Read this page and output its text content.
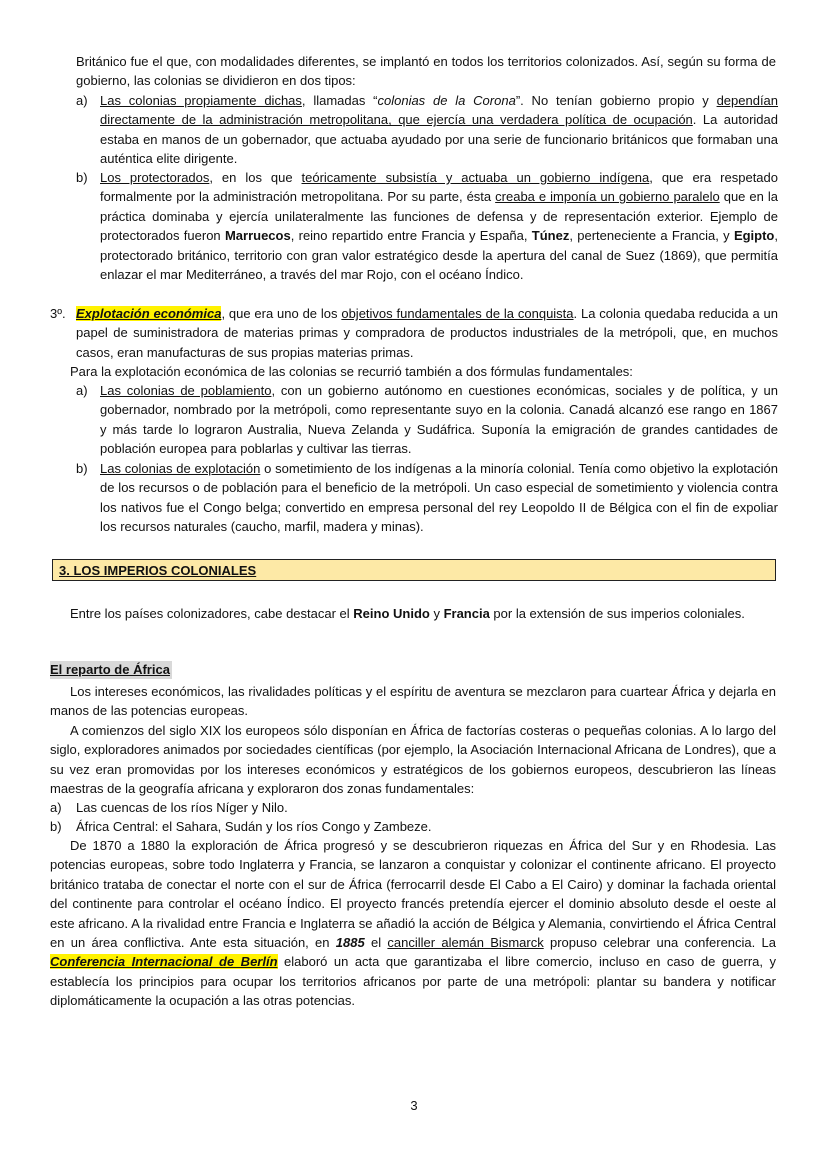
Británico fue el que, con modalidades diferentes, se implantó en todos los territorios colonizados. Así, según su forma de gobierno, las colonias se dividieron en dos tipos:

a) Las colonias propiamente dichas, llamadas “colonias de la Corona”. No tenían gobierno propio y dependían directamente de la administración metropolitana, que ejercía una verdadera política de ocupación. La autoridad estaba en manos de un gobernador, que actuaba ayudado por una serie de funcionario británicos que formaban una auténtica elite dirigente.

b) Los protectorados, en los que teóricamente subsistía y actuaba un gobierno indígena, que era respetado formalmente por la administración metropolitana. Por su parte, ésta creaba e imponía un gobierno paralelo que en la práctica dominaba y ejercía unilateralmente las funciones de defensa y de representación exterior. Ejemplo de protectorados fueron Marruecos, reino repartido entre Francia y España, Túnez, perteneciente a Francia, y Egipto, protectorado británico, territorio con gran valor estratégico desde la apertura del canal de Suez (1869), que permitía enlazar el mar Mediterráneo, a través del mar Rojo, con el océano Índico.

3º. Explotación económica, que era uno de los objetivos fundamentales de la conquista. La colonia quedaba reducida a un papel de suministradora de materias primas y compradora de productos industriales de la metrópoli, que, en muchos casos, eran manufacturas de sus propias materias primas.

Para la explotación económica de las colonias se recurrió también a dos fórmulas fundamentales:

a) Las colonias de poblamiento, con un gobierno autónomo en cuestiones económicas, sociales y de política, y un gobernador, nombrado por la metrópoli, como representante suyo en la colonia. Canadá alcanzó ese rango en 1867 y más tarde lo lograron Australia, Nueva Zelanda y Sudáfrica. Suponía la emigración de grandes cantidades de población europea para poblarlas y cultivar las tierras.

b) Las colonias de explotación o sometimiento de los indígenas a la minoría colonial. Tenía como objetivo la explotación de los recursos o de población para el beneficio de la metrópoli. Un caso especial de sometimiento y violencia contra los nativos fue el Congo belga; convertido en empresa personal del rey Leopoldo II de Bélgica con el fin de expoliar los recursos naturales (caucho, marfil, madera y minas).

3. LOS IMPERIOS COLONIALES

Entre los países colonizadores, cabe destacar el Reino Unido y Francia por la extensión de sus imperios coloniales.

El reparto de África

Los intereses económicos, las rivalidades políticas y el espíritu de aventura se mezclaron para cuartear África y dejarla en manos de las potencias europeas.

A comienzos del siglo XIX los europeos sólo disponían en África de factorías costeras o pequeñas colonias. A lo largo del siglo, exploradores animados por sociedades científicas (por ejemplo, la Asociación Internacional Africana de Londres), que a su vez eran promovidas por los intereses económicos y estratégicos de los gobiernos europeos, descubrieron las líneas maestras de la geografía africana y exploraron dos zonas fundamentales:

a) Las cuencas de los ríos Níger y Nilo.
b) África Central: el Sahara, Sudán y los ríos Congo y Zambeze.

De 1870 a 1880 la exploración de África progresó y se descubrieron riquezas en África del Sur y en Rhodesia. Las potencias europeas, sobre todo Inglaterra y Francia, se lanzaron a conquistar y colonizar el continente africano. El proyecto británico trataba de conectar el norte con el sur de África (ferrocarril desde El Cabo a El Cairo) y dominar la fachada oriental del continente para controlar el océano Índico. El proyecto francés pretendía ejercer el dominio absoluto desde el oeste al este africano. A la rivalidad entre Francia e Inglaterra se añadió la acción de Bélgica y Alemania, convirtiendo el África Central en un área conflictiva. Ante esta situación, en 1885 el canciller alemán Bismarck propuso celebrar una conferencia. La Conferencia Internacional de Berlín elaboró un acta que garantizaba el libre comercio, incluso en caso de guerra, y establecía los principios para ocupar los territorios africanos por parte de una metrópoli: plantar su bandera y notificar diplomáticamente la ocupación a las otras potencias.

3
